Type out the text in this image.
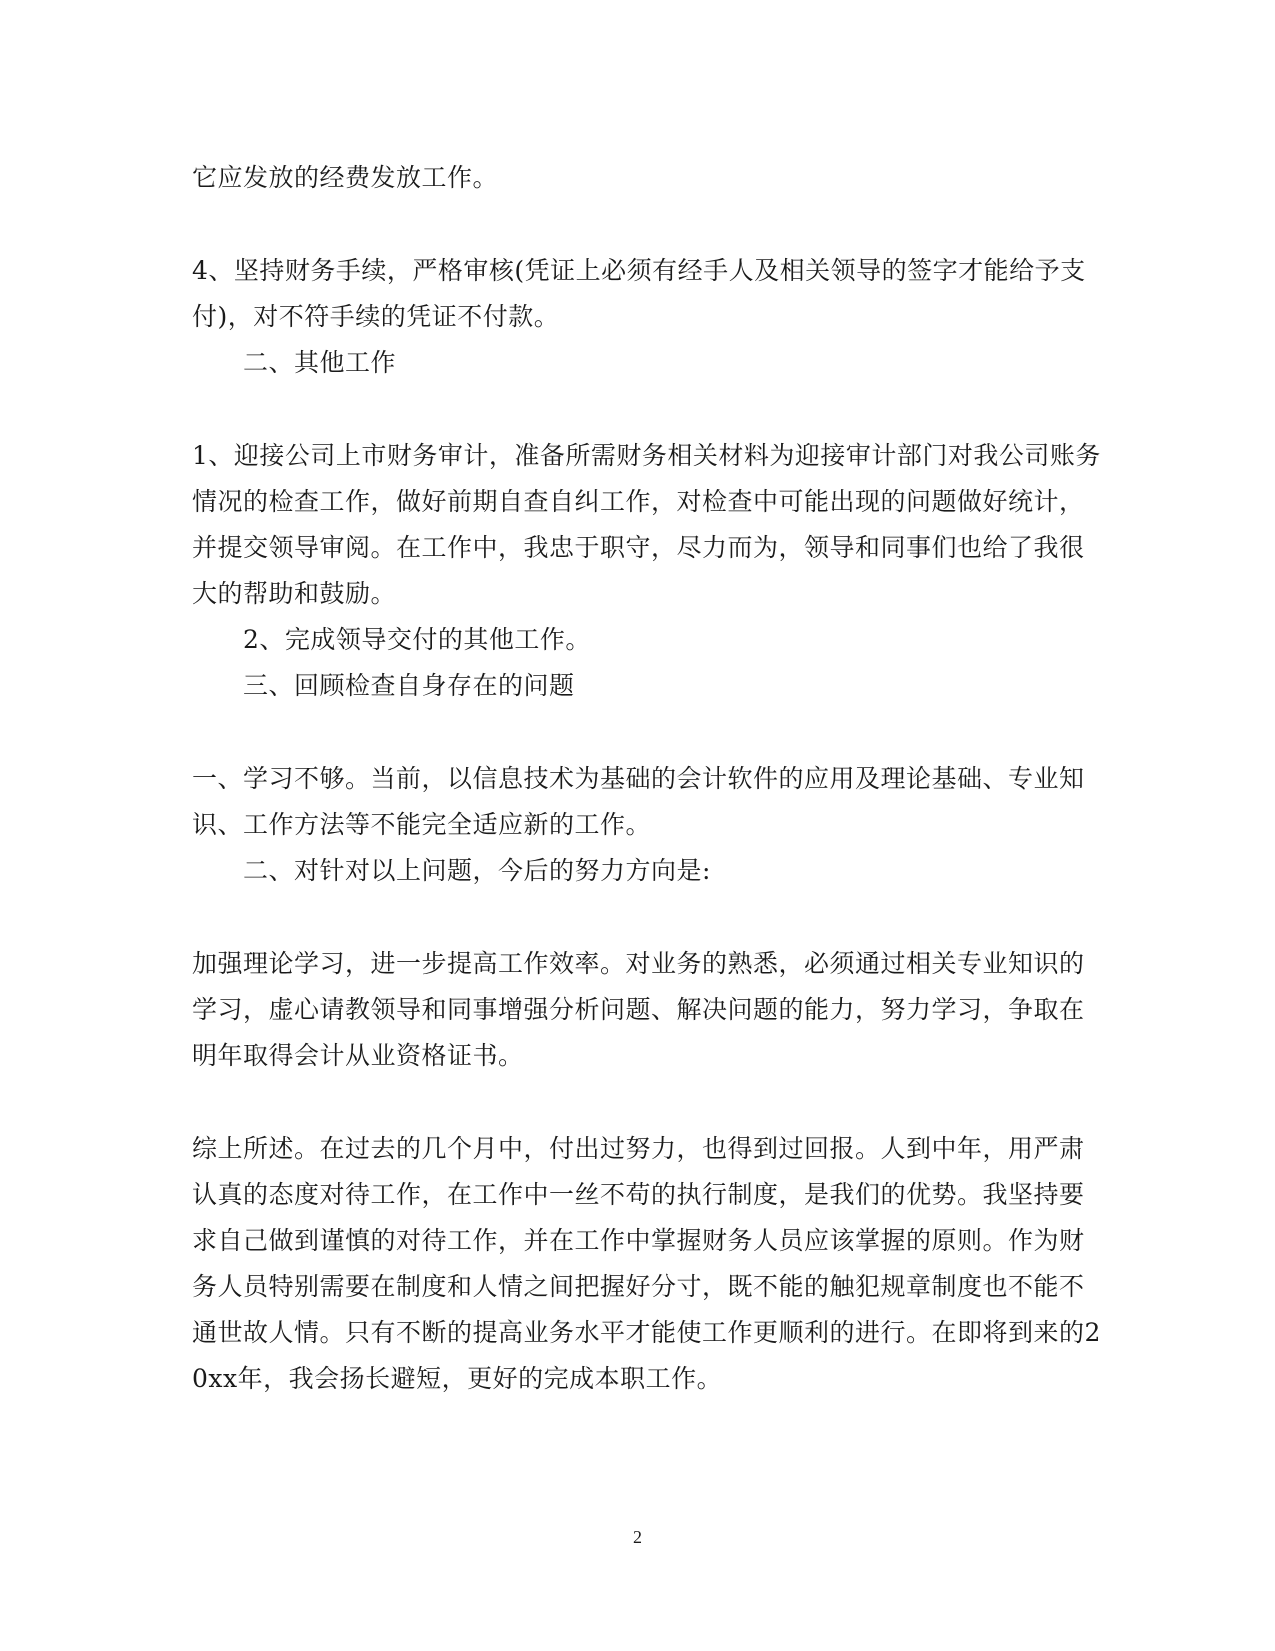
它应发放的经费发放工作。
4、坚持财务手续，严格审核(凭证上必须有经手人及相关领导的签字才能给予支
付)，对不符手续的凭证不付款。
二、其他工作
1、迎接公司上市财务审计，准备所需财务相关材料为迎接审计部门对我公司账务
情况的检查工作，做好前期自查自纠工作，对检查中可能出现的问题做好统计，
并提交领导审阅。在工作中，我忠于职守，尽力而为，领导和同事们也给了我很
大的帮助和鼓励。
2、完成领导交付的其他工作。
三、回顾检查自身存在的问题
一、学习不够。当前，以信息技术为基础的会计软件的应用及理论基础、专业知
识、工作方法等不能完全适应新的工作。
二、对针对以上问题，今后的努力方向是:
加强理论学习，进一步提高工作效率。对业务的熟悉，必须通过相关专业知识的
学习，虚心请教领导和同事增强分析问题、解决问题的能力，努力学习，争取在
明年取得会计从业资格证书。
综上所述。在过去的几个月中，付出过努力，也得到过回报。人到中年，用严肃
认真的态度对待工作，在工作中一丝不苟的执行制度，是我们的优势。我坚持要
求自己做到谨慎的对待工作，并在工作中掌握财务人员应该掌握的原则。作为财
务人员特别需要在制度和人情之间把握好分寸，既不能的触犯规章制度也不能不
通世故人情。只有不断的提高业务水平才能使工作更顺利的进行。在即将到来的2
0xx年，我会扬长避短，更好的完成本职工作。
2
